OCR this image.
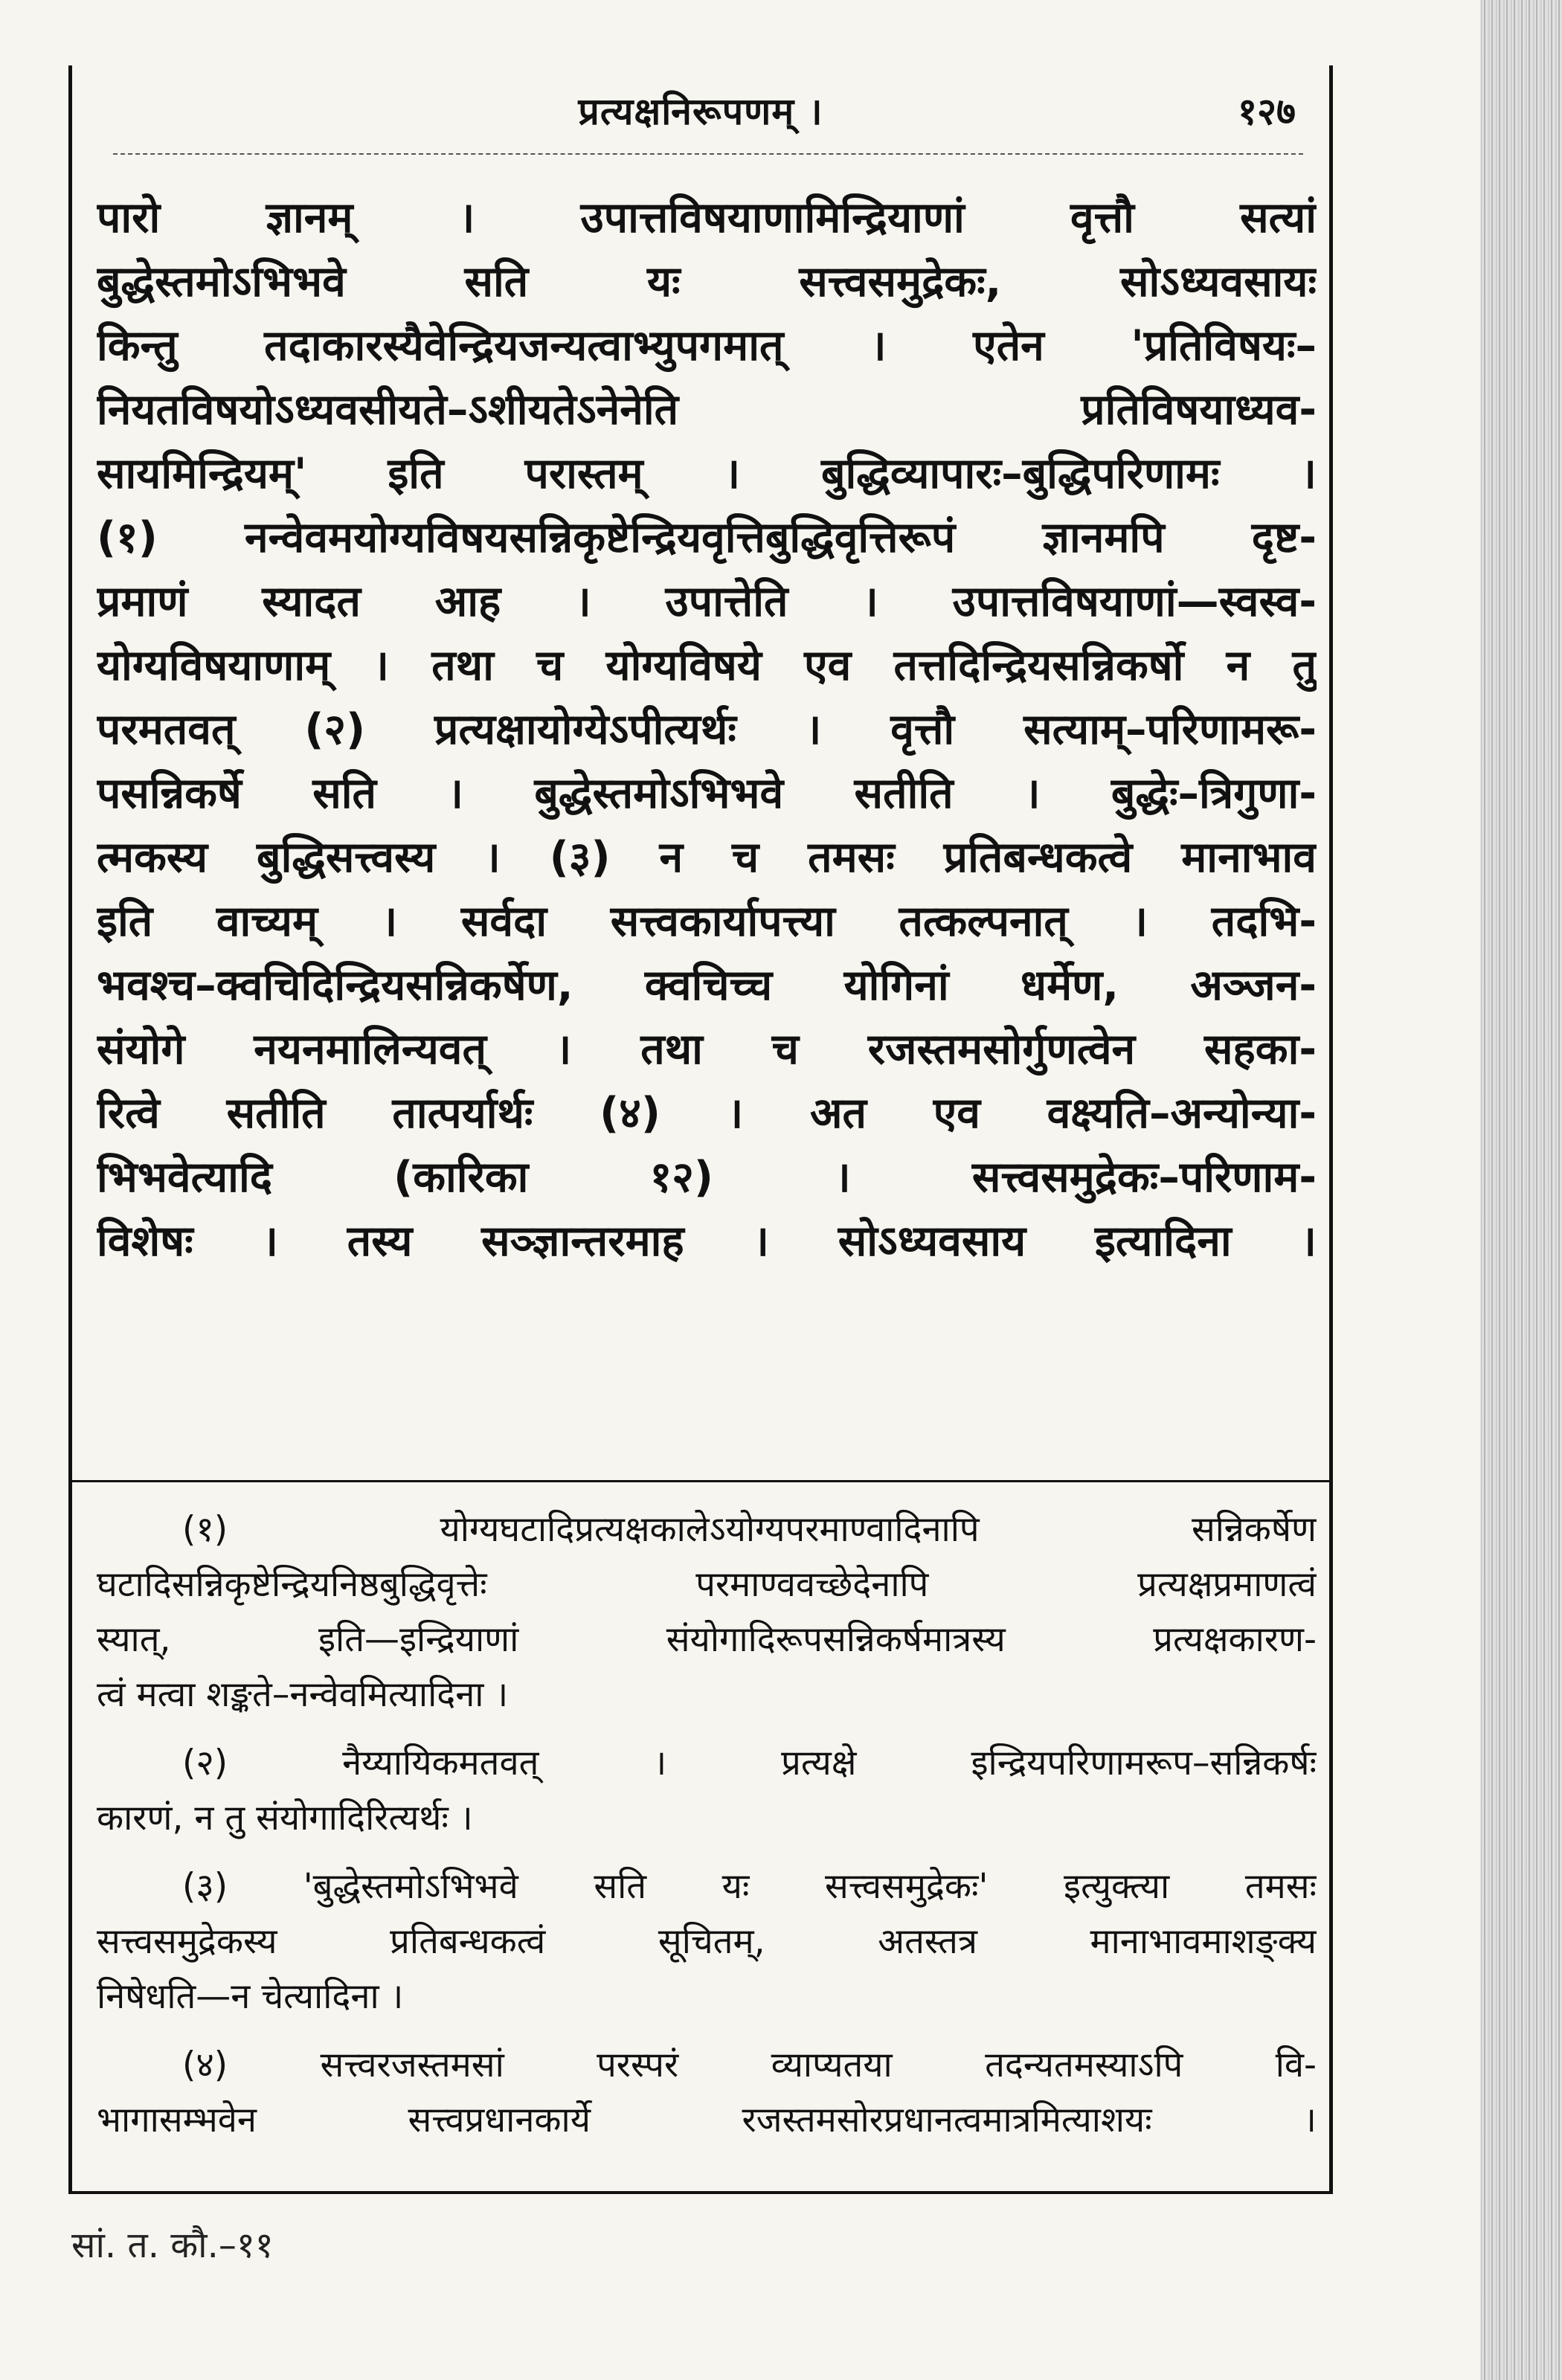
प्रत्यक्षनिरूपणम् ।	१२७
पारो ज्ञानम् । उपात्तविषयाणामिन्द्रियाणां वृत्तौ सत्यां
बुद्धेस्तमोऽभिभवे सति यः सत्त्वसमुद्रेकः, सोऽध्यवसायः
किन्तु तदाकारस्यैवेन्द्रियजन्यत्वाभ्युपगमात् । एतेन 'प्रतिविषयः–
नियतविषयोऽध्यवसीयते–ऽशीयतेऽनेनेति प्रतिविषयाध्यव-
सायमिन्द्रियम्' इति परास्तम् । बुद्धिव्यापारः–बुद्धिपरिणामः ।
(१) नन्वेवमयोग्यविषयसन्निकृष्टेन्द्रियवृत्तिबुद्धिवृत्तिरूपं ज्ञानमपि दृष्ट-
प्रमाणं स्यादत आह । उपात्तेति । उपात्तविषयाणां—स्वस्व-
योग्यविषयाणाम् । तथा च योग्यविषये एव तत्तदिन्द्रियसन्निकर्षो न तु
परमतवत् (२) प्रत्यक्षायोग्येऽपीत्यर्थः । वृत्तौ सत्याम्–परिणामरू-
पसन्निकर्षे सति । बुद्धेस्तमोऽभिभवे सतीति । बुद्धेः–त्रिगुणा-
त्मकस्य बुद्धिसत्त्वस्य । (३) न च तमसः प्रतिबन्धकत्वे मानाभाव
इति वाच्यम् । सर्वदा सत्त्वकार्यापत्त्या तत्कल्पनात् । तदभि-
भवश्च–क्वचिदिन्द्रियसन्निकर्षेण, क्वचिच्च योगिनां धर्मेण, अञ्जन-
संयोगे नयनमालिन्यवत् । तथा च रजस्तमसोर्गुणत्वेन सहका-
रित्वे सतीति तात्पर्यार्थः (४) । अत एव वक्ष्यति–अन्योन्या-
भिभवेत्यादि (कारिका १२) । सत्त्वसमुद्रेकः–परिणाम-
विशेषः । तस्य सञ्ज्ञान्तरमाह । सोऽध्यवसाय इत्यादिना ।
(१) योग्यघटादिप्रत्यक्षकालेऽयोग्यपरमाण्वादिनापि सन्निकर्षेण
घटादिसन्निकृष्टेन्द्रियनिष्ठबुद्धिवृत्तेः परमाण्ववच्छेदेनापि प्रत्यक्षप्रमाणत्वं
स्यात्, इति—इन्द्रियाणां संयोगादिरूपसन्निकर्षमात्रस्य प्रत्यक्षकारण-
त्वं मत्वा शङ्कते–नन्वेवमित्यादिना ।
(२) नैय्यायिकमतवत् । प्रत्यक्षे इन्द्रियपरिणामरूप–सन्निकर्षः
कारणं, न तु संयोगादिरित्यर्थः ।
(३) 'बुद्धेस्तमोऽभिभवे सति यः सत्त्वसमुद्रेकः' इत्युक्त्या तमसः
सत्त्वसमुद्रेकस्य प्रतिबन्धकत्वं सूचितम्, अतस्तत्र मानाभावमाशङ्क्य
निषेधति—न चेत्यादिना ।
(४) सत्त्वरजस्तमसां परस्परं व्याप्यतया तदन्यतमस्याऽपि वि-
भागासम्भवेन सत्त्वप्रधानकार्ये रजस्तमसोरप्रधानत्वमात्रमित्याशयः ।
सां. त. कौ.–११
